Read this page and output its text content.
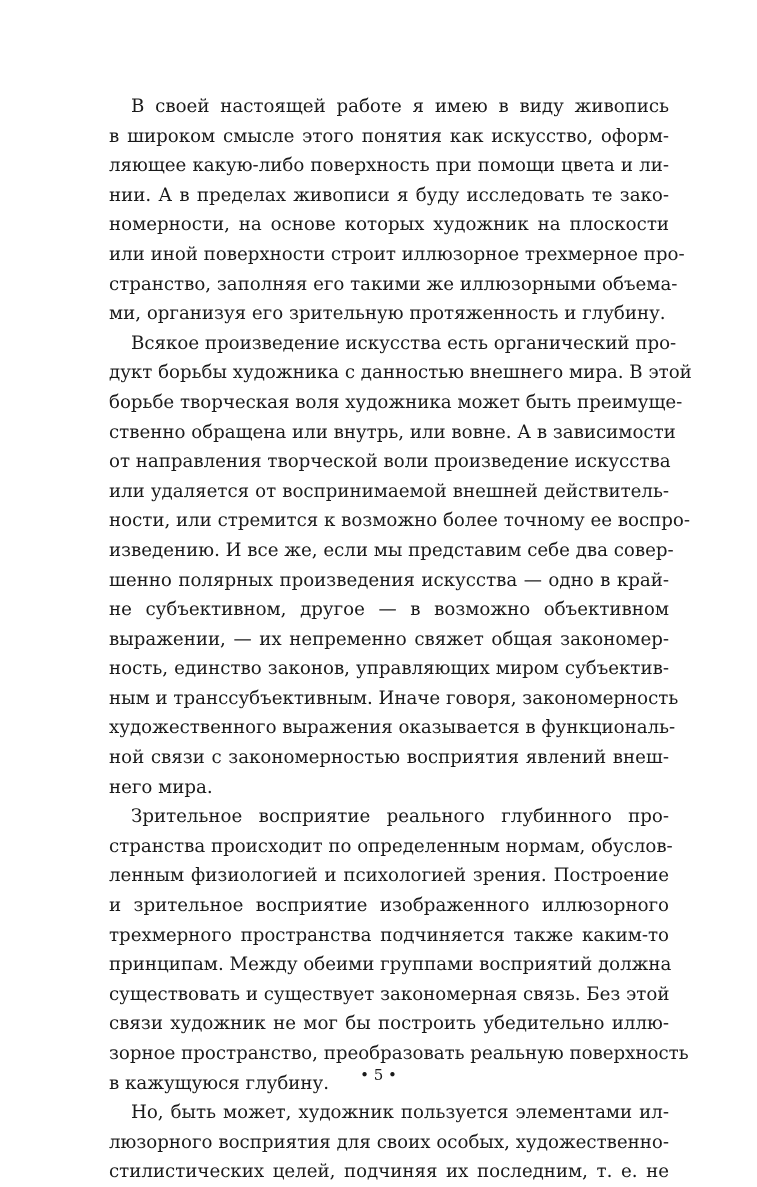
В своей настоящей работе я имею в виду живопись
в широком смысле этого понятия как искусство, оформ-
ляющее какую-либо поверхность при помощи цвета и ли-
нии. А в пределах живописи я буду исследовать те зако-
номерности, на основе которых художник на плоскости
или иной поверхности строит иллюзорное трехмерное про-
странство, заполняя его такими же иллюзорными объема-
ми, организуя его зрительную протяженность и глубину.
Всякое произведение искусства есть органический про-
дукт борьбы художника с данностью внешнего мира. В этой
борьбе творческая воля художника может быть преимуще-
ственно обращена или внутрь, или вовне. А в зависимости
от направления творческой воли произведение искусства
или удаляется от воспринимаемой внешней действитель-
ности, или стремится к возможно более точному ее воспро-
изведению. И все же, если мы представим себе два совер-
шенно полярных произведения искусства — одно в край-
не субъективном, другое — в возможно объективном
выражении, — их непременно свяжет общая закономер-
ность, единство законов, управляющих миром субъектив-
ным и транссубъективным. Иначе говоря, закономерность
художественного выражения оказывается в функциональ-
ной связи с закономерностью восприятия явлений внеш-
него мира.
Зрительное восприятие реального глубинного про-
странства происходит по определенным нормам, обуслов-
ленным физиологией и психологией зрения. Построение
и зрительное восприятие изображенного иллюзорного
трехмерного пространства подчиняется также каким-то
принципам. Между обеими группами восприятий должна
существовать и существует закономерная связь. Без этой
связи художник не мог бы построить убедительно иллю-
зорное пространство, преобразовать реальную поверхность
в кажущуюся глубину.
Но, быть может, художник пользуется элементами ил-
люзорного восприятия для своих особых, художественно-
стилистических целей, подчиняя их последним, т. е. не
• 5 •
